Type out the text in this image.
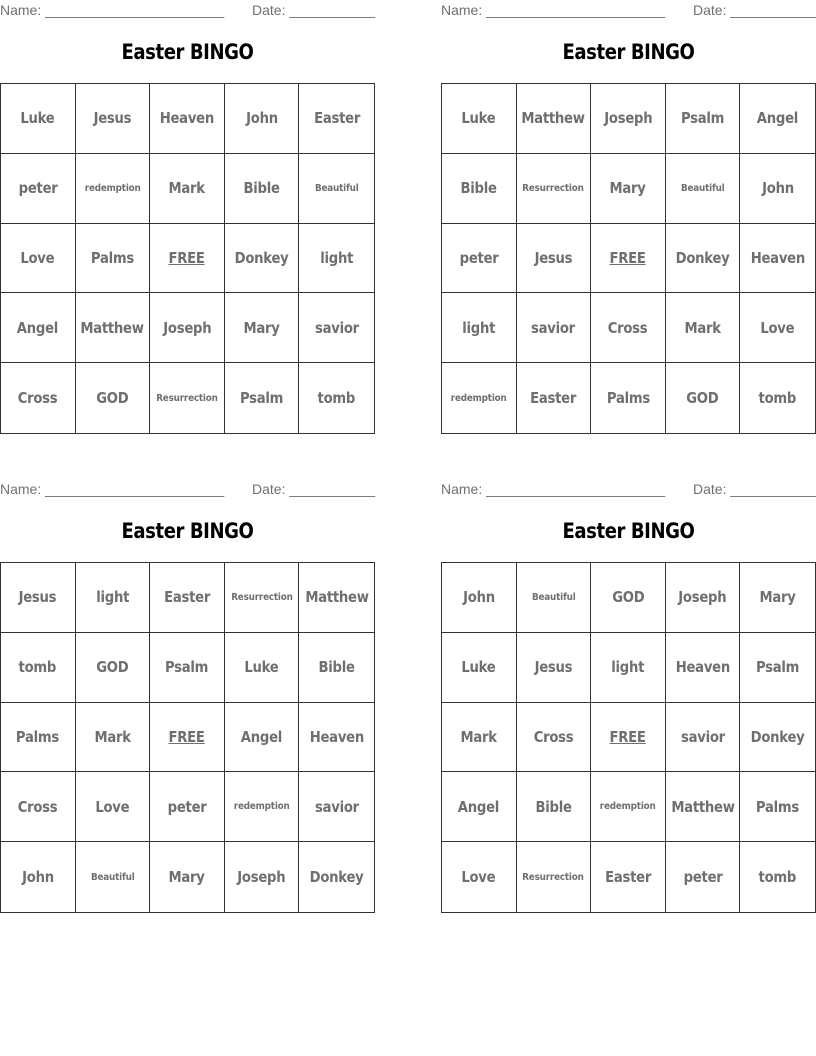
Name: _______________________ Date: ___________
Easter BINGO
Luke	Jesus Heaven John Easter
peter	redemption Mark	Bible	Beautiful
Love Palms FREE Donkey light
Angel Matthew Joseph Mary savior
Cross	GOD	Resurrection Psalm tomb
Name: _______________________ Date: ___________
Easter BINGO
Luke Matthew Joseph Psalm Angel
Bible	Resurrection Mary	Beautiful John
peter Jesus	FREE Donkey Heaven
light savior Cross Mark	Love
redemption Easter Palms GOD	tomb
Name: _______________________ Date: ___________
Easter BINGO
Jesus	light Easter Resurrection Matthew
tomb	GOD Psalm Luke	Bible
Palms Mark	FREE Angel Heaven
Cross	Love	peter	redemption savior
John	Beautiful Mary Joseph Donkey
Name: _______________________ Date: ___________
Easter BINGO
John	Beautiful GOD Joseph Mary
Luke	Jesus	light Heaven Psalm
Mark Cross FREE savior Donkey
Angel Bible	redemption Matthew Palms
Love	Resurrection Easter peter tomb
